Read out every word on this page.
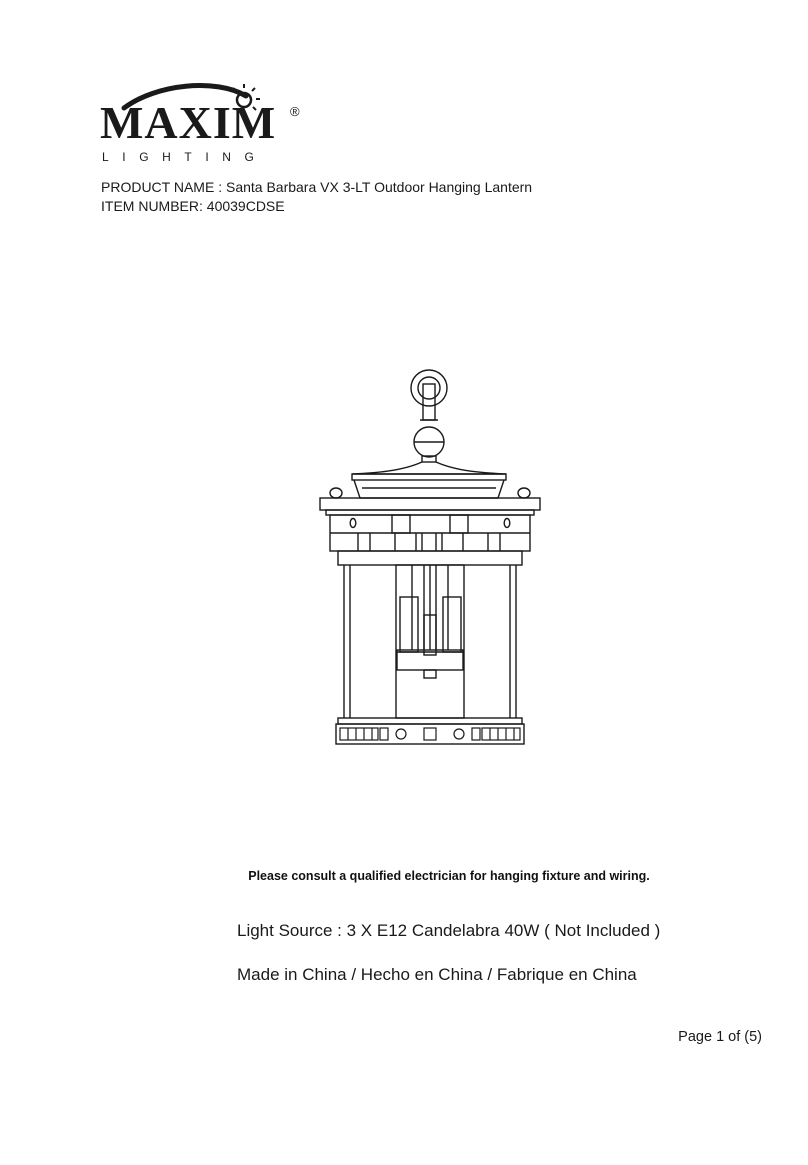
MAXIM ®
LIGHTING
PRODUCT NAME : Santa Barbara VX 3-LT Outdoor Hanging Lantern
ITEM NUMBER: 40039CDSE
Please consult a qualified electrician for hanging fixture and wiring.
Light Source : 3 X E12 Candelabra 40W ( Not Included )
Made in China / Hecho en China / Fabrique en China
Page 1 of (5)
